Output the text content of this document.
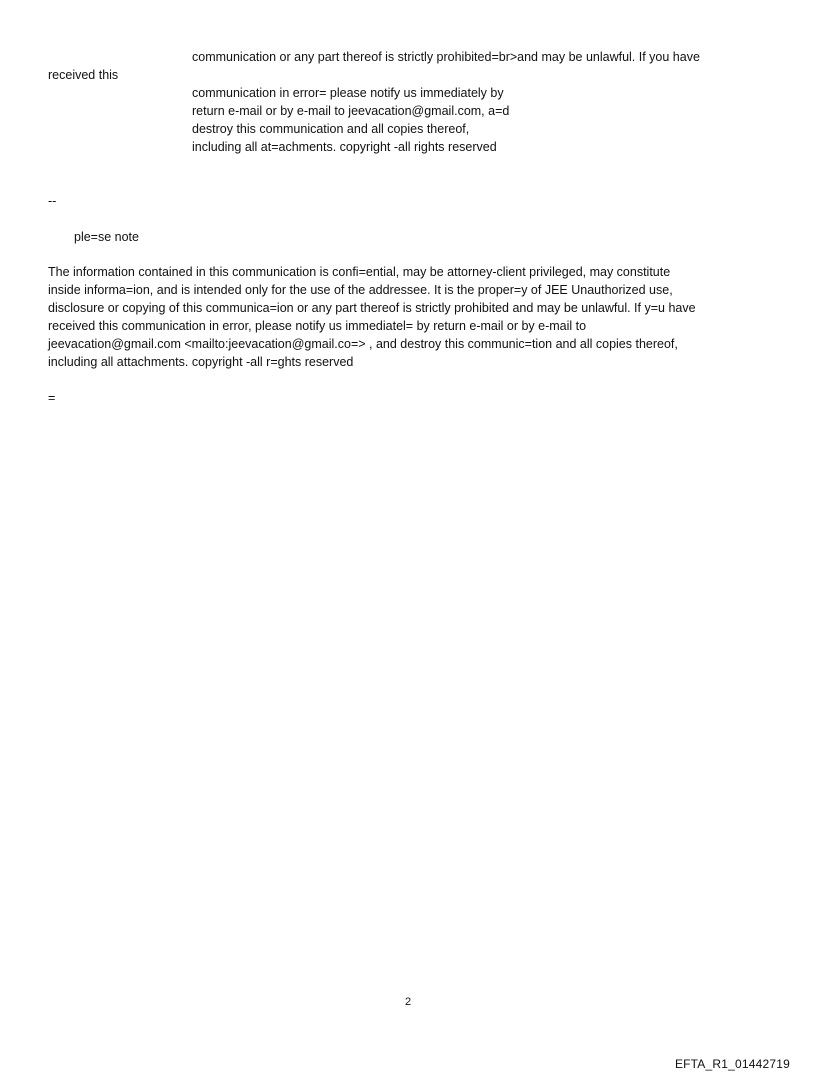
communication or any part thereof is strictly prohibited=br>and may be unlawful. If you have

received this

communication in error= please notify us immediately by

return e-mail or by e-mail to jeevacation@gmail.com, a=d

destroy this communication and all copies thereof,

including all at=achments. copyright -all rights reserved

--

ple=se note

The information contained in this communication is confi=ential, may be attorney-client privileged, may constitute
inside informa=ion, and is intended only for the use of the addressee. It is the proper=y of JEE Unauthorized use,
disclosure or copying of this communica=ion or any part thereof is strictly prohibited and may be unlawful. If y=u have
received this communication in error, please notify us immediatel= by return e-mail or by e-mail to
jeevacation@gmail.com <mailto:jeevacation@gmail.co=> , and destroy this communic=tion and all copies thereof,
including all attachments. copyright -all r=ghts reserved

=

2
EFTA_R1_01442719
